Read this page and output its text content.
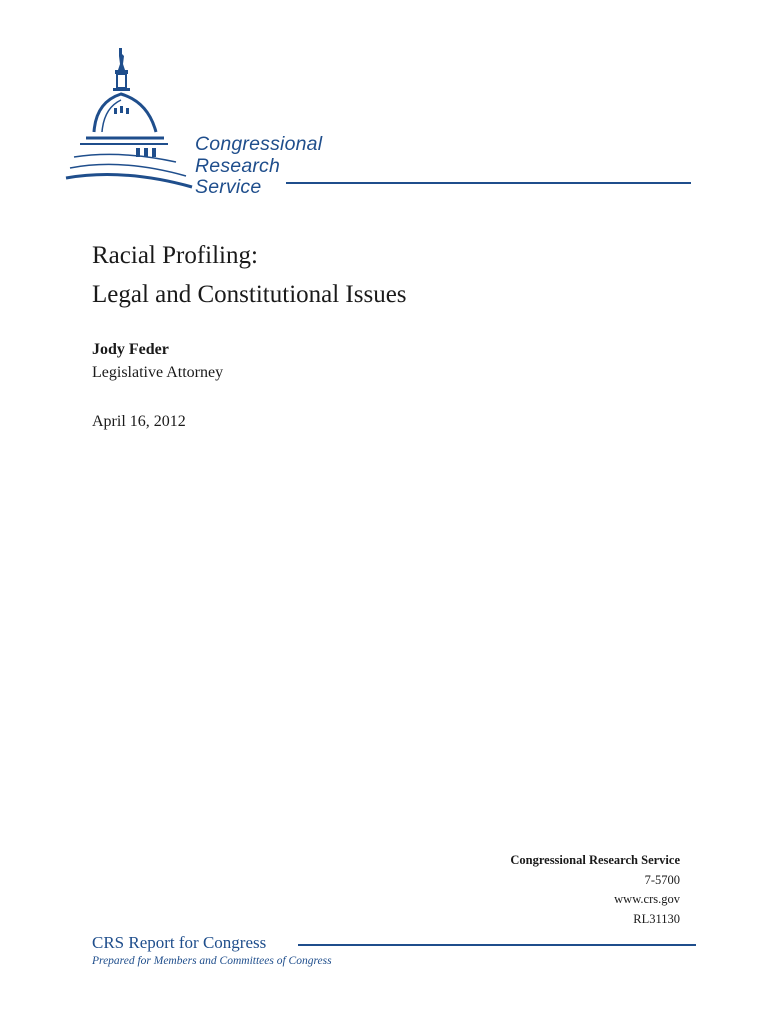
Congressional
Research
Service
Racial Profiling:
Legal and Constitutional Issues
Jody Feder
Legislative Attorney
April 16, 2012
Congressional Research Service
7-5700
www.crs.gov
RL31130
CRS Report for Congress
Prepared for Members and Committees of Congress
